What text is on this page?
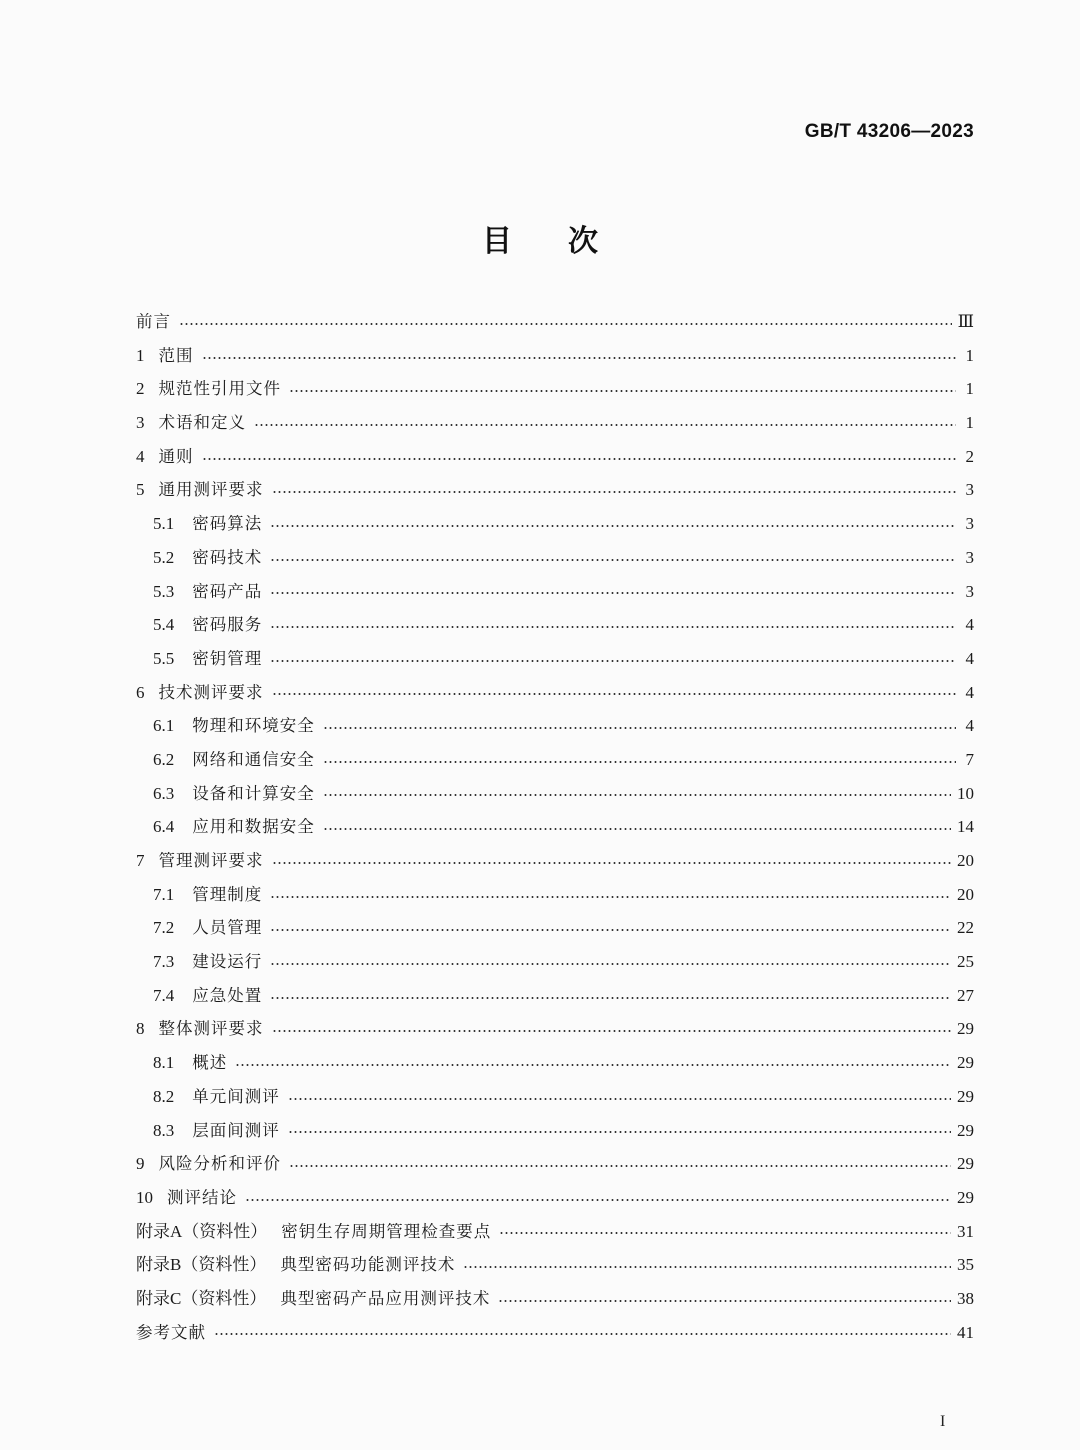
GB/T 43206—2023
目次
前言	Ⅲ
1 范围	1
2 规范性引用文件	1
3 术语和定义	1
4 通则	2
5 通用测评要求	3
5.1 密码算法	3
5.2 密码技术	3
5.3 密码产品	3
5.4 密码服务	4
5.5 密钥管理	4
6 技术测评要求	4
6.1 物理和环境安全	4
6.2 网络和通信安全	7
6.3 设备和计算安全	10
6.4 应用和数据安全	14
7 管理测评要求	20
7.1 管理制度	20
7.2 人员管理	22
7.3 建设运行	25
7.4 应急处置	27
8 整体测评要求	29
8.1 概述	29
8.2 单元间测评	29
8.3 层面间测评	29
9 风险分析和评价	29
10 测评结论	29
附录A（资料性） 密钥生存周期管理检查要点	31
附录B（资料性） 典型密码功能测评技术	35
附录C（资料性） 典型密码产品应用测评技术	38
参考文献	41
I
